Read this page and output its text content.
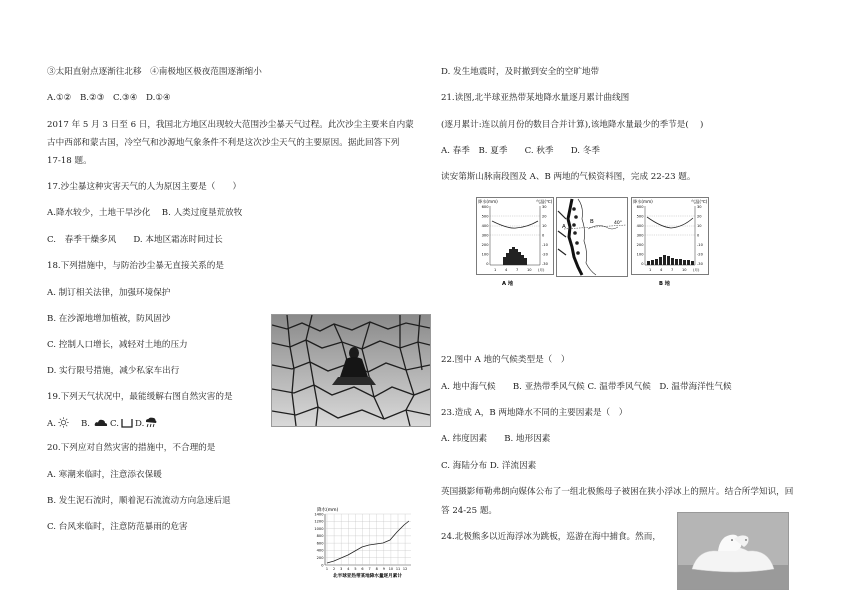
③太阳直射点逐渐往北移　④南极地区极夜范围逐渐缩小
A.①②　B.②③　C.③④　D.①④
2017 年 5 月 3 日至 6 日，我国北方地区出现较大范围沙尘暴天气过程。此次沙尘主要来自内蒙
古中西部和蒙古国，冷空气和沙源地气象条件不利是这次沙尘天气的主要原因。据此回答下列
17-18 题。
17.沙尘暴这种灾害天气的人为原因主要是（　　）
A.降水较少，土地干旱沙化　 B. 人类过度垦荒放牧
C.　春季干燥多风　　D. 本地区霜冻时间过长
18.下列措施中，与防治沙尘暴无直接关系的是
A. 制订相关法律，加强环境保护
B. 在沙源地增加植被，防风固沙
C. 控制人口增长，减轻对土地的压力
D. 实行限号措施，减少私家车出行
19.下列天气状况中，最能缓解右图自然灾害的是
A.	B. C. D.
20.下列应对自然灾害的措施中，不合理的是
A. 寒潮来临时，注意添衣保暖
B. 发生泥石流时，顺着泥石流流动方向急速后退
C. 台风来临时，注意防范暴雨的危害
降水(mm)
1400
1200
1000
800
600
400
200
0
1 2 3 4 5 6 7 8 9 10 11 12
北半球亚热带某地降水量逐月累计
D. 发生地震时，及时撤到安全的空旷地带
21.读图,北半球亚热带某地降水量逐月累计曲线图
(逐月累计:连以前月份的数目合并计算),该地降水量最少的季节是(　 )
A. 春季　B. 夏季　　C. 秋季　　D. 冬季
读安第斯山脉南段图及 A、B 两地的气候资料图，完成 22-23 题。
降水(mm)	气温(℃)
600
500
400
300
200
100
0
30
20
10
0
-10
-20
-30
1 4 7 10 (月)
A 地
A
B	40°
降水(mm)	气温(℃)
600
500
400
300
200
100
0
30
20
10
0
-10
-20
-30
1 4 7 10 (月)
B 地
22.图中 A 地的气候类型是（　）
A. 地中海气候　　B. 亚热带季风气候 C. 温带季风气候　D. 温带海洋性气候
23.造成 A，B 两地降水不同的主要因素是（　）
A. 纬度因素　　B. 地形因素
C. 海陆分布 D. 洋流因素
英国摄影师勒弗朗向媒体公布了一组北极熊母子被困在狭小浮冰上的照片。结合所学知识，回
答 24-25 题。
24.北极熊多以近海浮冰为跳板，巡游在海中捕食。然而，
